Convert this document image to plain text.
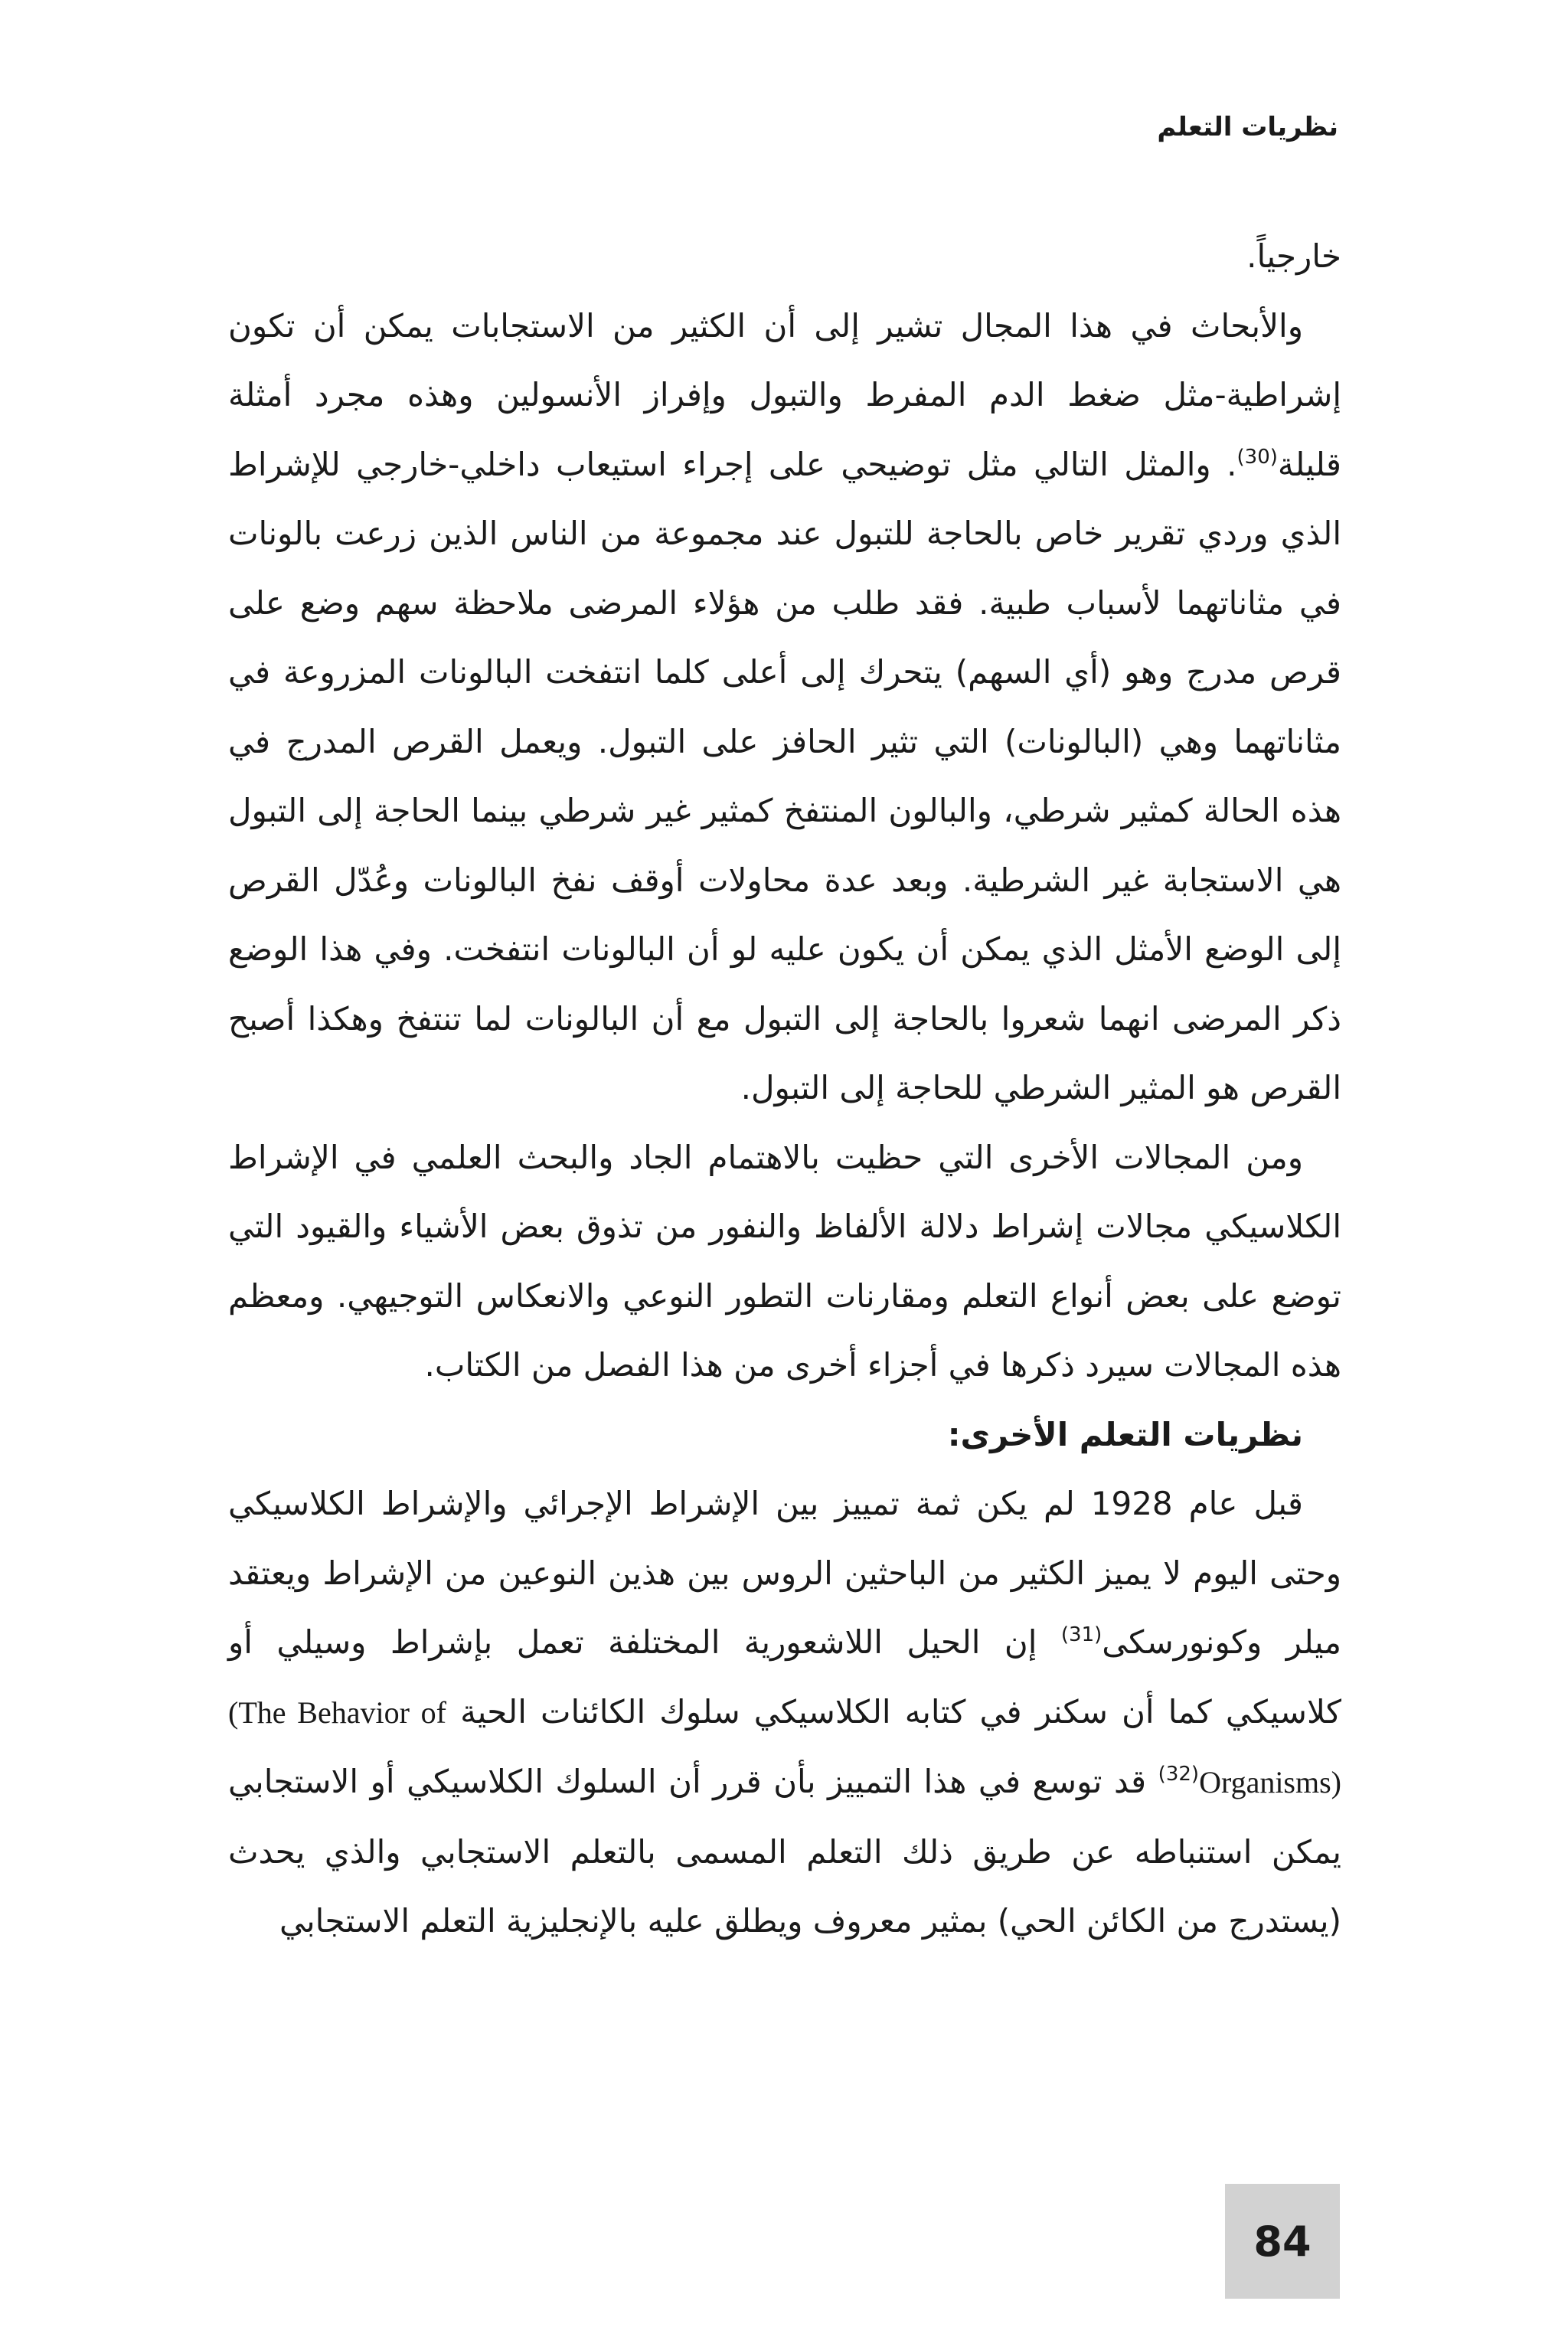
نظريات التعلم

خارجياً.

والأبحاث في هذا المجال تشير إلى أن الكثير من الاستجابات يمكن أن تكون إشراطية-مثل ضغط الدم المفرط والتبول وإفراز الأنسولين وهذه مجرد أمثلة قليلة$^{(30)}$. والمثل التالي مثل توضيحي على إجراء استيعاب داخلي-خارجي للإشراط الذي وردي تقرير خاص بالحاجة للتبول عند مجموعة من الناس الذين زرعت بالونات في مثاناتهما لأسباب طبية. فقد طلب من هؤلاء المرضى ملاحظة سهم وضع على قرص مدرج وهو (أي السهم) يتحرك إلى أعلى كلما انتفخت البالونات المزروعة في مثاناتهما وهي (البالونات) التي تثير الحافز على التبول. ويعمل القرص المدرج في هذه الحالة كمثير شرطي، والبالون المنتفخ كمثير غير شرطي بينما الحاجة إلى التبول هي الاستجابة غير الشرطية. وبعد عدة محاولات أوقف نفخ البالونات وعُدّل القرص إلى الوضع الأمثل الذي يمكن أن يكون عليه لو أن البالونات انتفخت. وفي هذا الوضع ذكر المرضى انهما شعروا بالحاجة إلى التبول مع أن البالونات لما تنتفخ وهكذا أصبح القرص هو المثير الشرطي للحاجة إلى التبول.

ومن المجالات الأخرى التي حظيت بالاهتمام الجاد والبحث العلمي في الإشراط الكلاسيكي مجالات إشراط دلالة الألفاظ والنفور من تذوق بعض الأشياء والقيود التي توضع على بعض أنواع التعلم ومقارنات التطور النوعي والانعكاس التوجيهي. ومعظم هذه المجالات سيرد ذكرها في أجزاء أخرى من هذا الفصل من الكتاب.

نظريات التعلم الأخرى:

قبل عام 1928 لم يكن ثمة تمييز بين الإشراط الإجرائي والإشراط الكلاسيكي وحتى اليوم لا يميز الكثير من الباحثين الروس بين هذين النوعين من الإشراط ويعتقد ميلر وكونورسكى$^{(31)}$ إن الحيل اللاشعورية المختلفة تعمل بإشراط وسيلي أو كلاسيكي كما أن سكنر في كتابه الكلاسيكي سلوك الكائنات الحية (The Behavior of Organisms)$^{(32)}$ قد توسع في هذا التمييز بأن قرر أن السلوك الكلاسيكي أو الاستجابي يمكن استنباطه عن طريق ذلك التعلم المسمى بالتعلم الاستجابي والذي يحدث (يستدرج من الكائن الحي) بمثير معروف ويطلق عليه بالإنجليزية التعلم الاستجابي

84
